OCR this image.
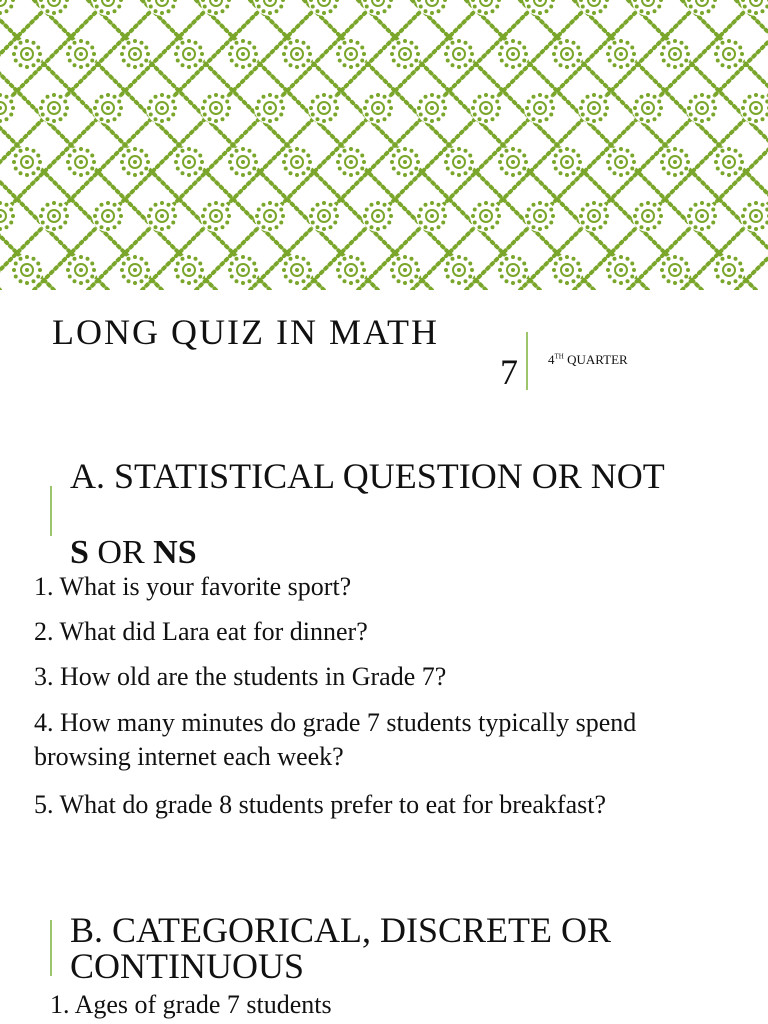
LONG QUIZ IN MATH
7 4TH QUARTER
A. STATISTICAL QUESTION OR NOT
S OR NS
1. What is your favorite sport?
2. What did Lara eat for dinner?
3. How old are the students in Grade 7?
4. How many minutes do grade 7 students typically spend browsing internet each week?
5. What do grade 8 students prefer to eat for breakfast?
B. CATEGORICAL, DISCRETE OR CONTINUOUS
1. Ages of grade 7 students
